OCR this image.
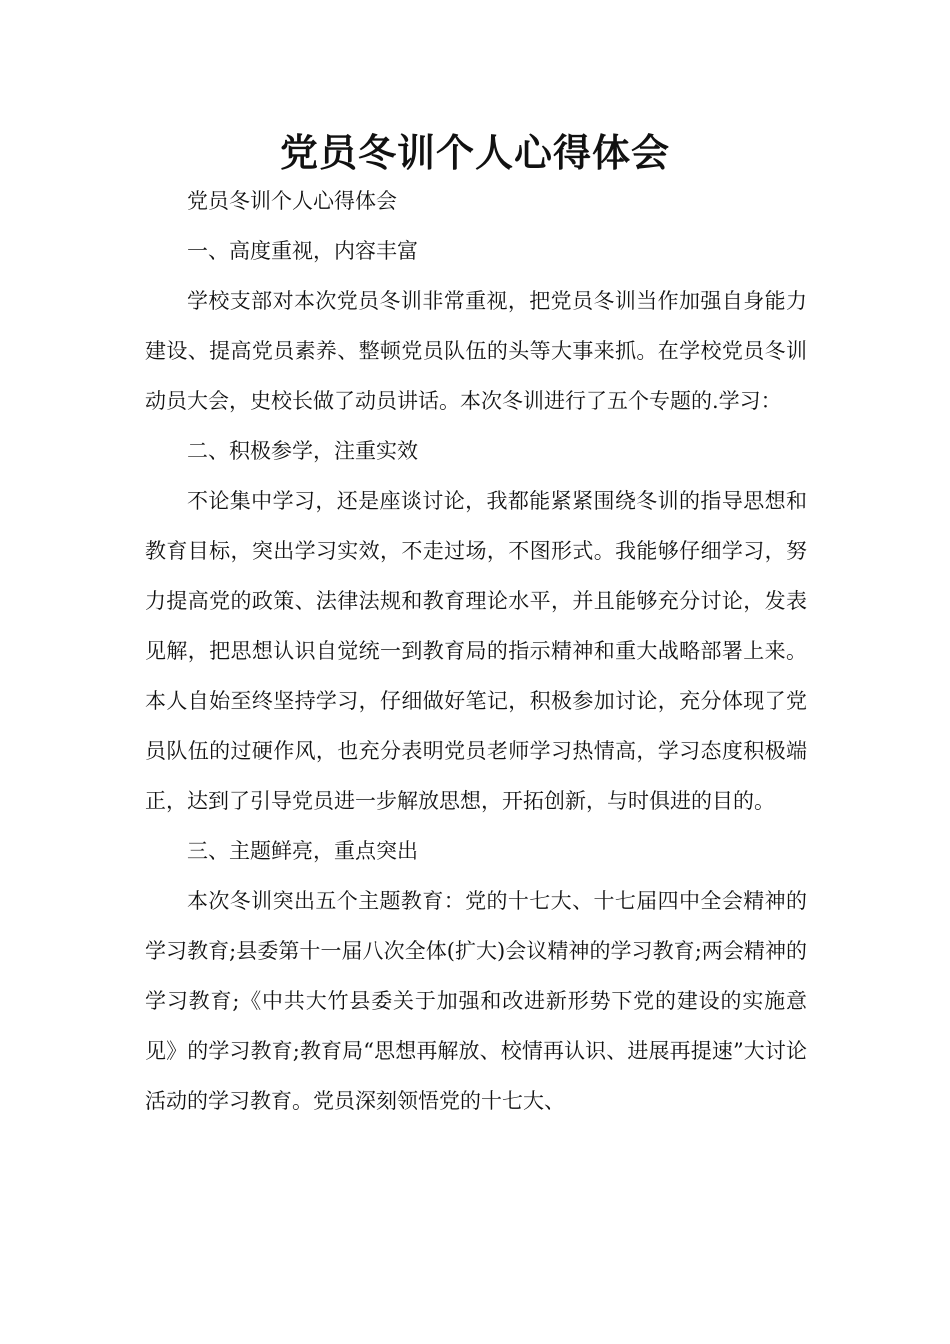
党员冬训个人心得体会

党员冬训个人心得体会

一、高度重视，内容丰富

学校支部对本次党员冬训非常重视，把党员冬训当作加强自身能力建设、提高党员素养、整顿党员队伍的头等大事来抓。在学校党员冬训动员大会，史校长做了动员讲话。本次冬训进行了五个专题的.学习：

二、积极参学，注重实效

不论集中学习，还是座谈讨论，我都能紧紧围绕冬训的指导思想和教育目标，突出学习实效，不走过场，不图形式。我能够仔细学习，努力提高党的政策、法律法规和教育理论水平，并且能够充分讨论，发表见解，把思想认识自觉统一到教育局的指示精神和重大战略部署上来。本人自始至终坚持学习，仔细做好笔记，积极参加讨论，充分体现了党员队伍的过硬作风，也充分表明党员老师学习热情高，学习态度积极端正，达到了引导党员进一步解放思想，开拓创新，与时俱进的目的。

三、主题鲜亮，重点突出

本次冬训突出五个主题教育：党的十七大、十七届四中全会精神的学习教育;县委第十一届八次全体(扩大)会议精神的学习教育;两会精神的学习教育;《中共大竹县委关于加强和改进新形势下党的建设的实施意见》的学习教育;教育局“思想再解放、校情再认识、进展再提速”大讨论活动的学习教育。党员深刻领悟党的十七大、
